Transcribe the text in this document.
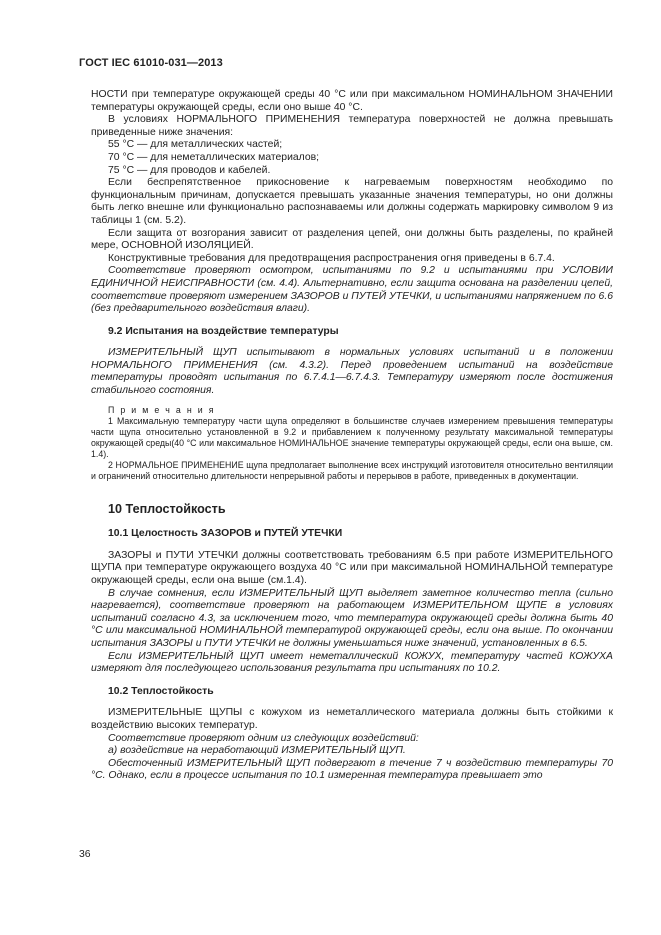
ГОСТ IEC 61010-031—2013

НОСТИ при температуре окружающей среды 40 °С или при максимальном НОМИНАЛЬНОМ ЗНАЧЕНИИ температуры окружающей среды, если оно выше 40 °С.

В условиях НОРМАЛЬНОГО ПРИМЕНЕНИЯ температура поверхностей не должна превышать приведенные ниже значения:

55 °С — для металлических частей;

70 °С — для неметаллических материалов;

75 °С — для проводов и кабелей.

Если беспрепятственное прикосновение к нагреваемым поверхностям необходимо по функциональным причинам, допускается превышать указанные значения температуры, но они должны быть легко внешне или функционально распознаваемы или должны содержать маркировку символом 9 из таблицы 1 (см. 5.2).

Если защита от возгорания зависит от разделения цепей, они должны быть разделены, по крайней мере, ОСНОВНОЙ ИЗОЛЯЦИЕЙ.

Конструктивные требования для предотвращения распространения огня приведены в 6.7.4.

Соответствие проверяют осмотром, испытаниями по 9.2 и испытаниями при УСЛОВИИ ЕДИНИЧНОЙ НЕИСПРАВНОСТИ (см. 4.4). Альтернативно, если защита основана на разделении цепей, соответствие проверяют измерением ЗАЗОРОВ и ПУТЕЙ УТЕЧКИ, и испытаниями напряжением по 6.6 (без предварительного воздействия влаги).

9.2 Испытания на воздействие температуры

ИЗМЕРИТЕЛЬНЫЙ ЩУП испытывают в нормальных условиях испытаний и в положении НОРМАЛЬНОГО ПРИМЕНЕНИЯ (см. 4.3.2). Перед проведением испытаний на воздействие температуры проводят испытания по 6.7.4.1—6.7.4.3. Температуру измеряют после достижения стабильного состояния.

П р и м е ч а н и я

1 Максимальную температуру части щупа определяют в большинстве случаев измерением превышения температуры части щупа относительно установленной в 9.2 и прибавлением к полученному результату максимальной температуры окружающей среды(40 °С или максимальное НОМИНАЛЬНОЕ значение температуры окружающей среды, если она выше, см. 1.4).

2 НОРМАЛЬНОЕ ПРИМЕНЕНИЕ щупа предполагает выполнение всех инструкций изготовителя относительно вентиляции и ограничений относительно длительности непрерывной работы и перерывов в работе, приведенных в документации.

10 Теплостойкость

10.1 Целостность ЗАЗОРОВ и ПУТЕЙ УТЕЧКИ

ЗАЗОРЫ и ПУТИ УТЕЧКИ должны соответствовать требованиям 6.5 при работе ИЗМЕРИТЕЛЬНОГО ЩУПА при температуре окружающего воздуха 40 °С или при максимальной НОМИНАЛЬНОЙ температуре окружающей среды, если она выше (см.1.4).

В случае сомнения, если ИЗМЕРИТЕЛЬНЫЙ ЩУП выделяет заметное количество тепла (сильно нагревается), соответствие проверяют на работающем ИЗМЕРИТЕЛЬНОМ ЩУПЕ в условиях испытаний согласно 4.3, за исключением того, что температура окружающей среды должна быть 40 °С или максимальной НОМИНАЛЬНОЙ температурой окружающей среды, если она выше. По окончании испытания ЗАЗОРЫ и ПУТИ УТЕЧКИ не должны уменьшаться ниже значений, установленных в 6.5.

Если ИЗМЕРИТЕЛЬНЫЙ ЩУП имеет неметаллический КОЖУХ, температуру частей КОЖУХА измеряют для последующего использования результата при испытаниях по 10.2.

10.2 Теплостойкость

ИЗМЕРИТЕЛЬНЫЕ ЩУПЫ с кожухом из неметаллического материала должны быть стойкими к воздействию высоких температур.

Соответствие проверяют одним из следующих воздействий:

а) воздействие на неработающий ИЗМЕРИТЕЛЬНЫЙ ЩУП.

Обесточенный ИЗМЕРИТЕЛЬНЫЙ ЩУП подвергают в течение 7 ч воздействию температуры 70 °С. Однако, если в процессе испытания по 10.1 измеренная температура превышает это

36
